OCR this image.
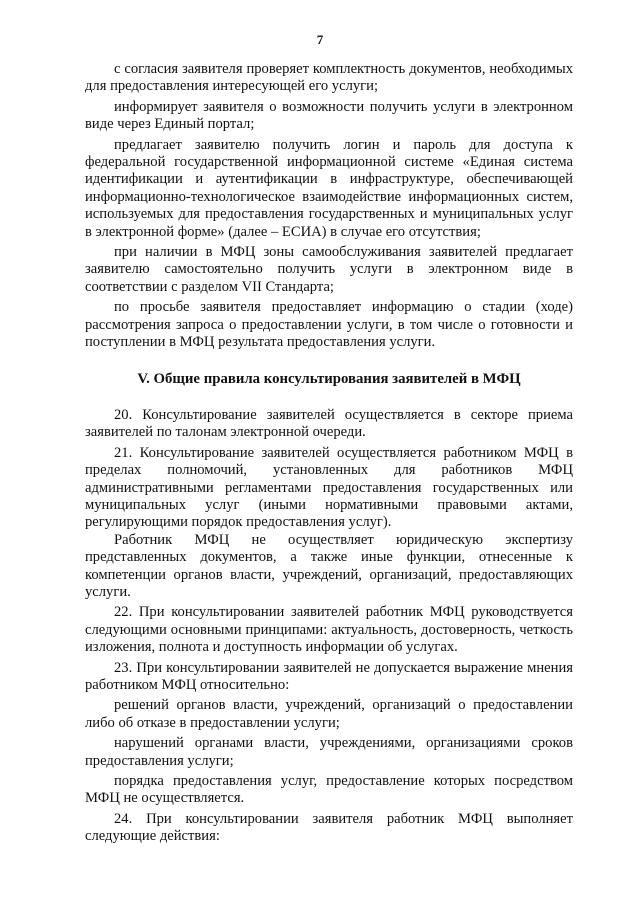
7

с согласия заявителя проверяет комплектность документов, необходимых для предоставления интересующей его услуги;

информирует заявителя о возможности получить услуги в электронном виде через Единый портал;

предлагает заявителю получить логин и пароль для доступа к федеральной государственной информационной системе «Единая система идентификации и аутентификации в инфраструктуре, обеспечивающей информационно-технологическое взаимодействие информационных систем, используемых для предоставления государственных и муниципальных услуг в электронной форме» (далее – ЕСИА) в случае его отсутствия;

при наличии в МФЦ зоны самообслуживания заявителей предлагает заявителю самостоятельно получить услуги в электронном виде в соответствии с разделом VII Стандарта;

по просьбе заявителя предоставляет информацию о стадии (ходе) рассмотрения запроса о предоставлении услуги, в том числе о готовности и поступлении в МФЦ результата предоставления услуги.

V. Общие правила консультирования заявителей в МФЦ

20. Консультирование заявителей осуществляется в секторе приема заявителей по талонам электронной очереди.

21. Консультирование заявителей осуществляется работником МФЦ в пределах полномочий, установленных для работников МФЦ административными регламентами предоставления государственных или муниципальных услуг (иными нормативными правовыми актами, регулирующими порядок предоставления услуг).

Работник МФЦ не осуществляет юридическую экспертизу представленных документов, а также иные функции, отнесенные к компетенции органов власти, учреждений, организаций, предоставляющих услуги.

22. При консультировании заявителей работник МФЦ руководствуется следующими основными принципами: актуальность, достоверность, четкость изложения, полнота и доступность информации об услугах.

23. При консультировании заявителей не допускается выражение мнения работником МФЦ относительно:

решений органов власти, учреждений, организаций о предоставлении либо об отказе в предоставлении услуги;

нарушений органами власти, учреждениями, организациями сроков предоставления услуги;

порядка предоставления услуг, предоставление которых посредством МФЦ не осуществляется.

24. При консультировании заявителя работник МФЦ выполняет следующие действия:
